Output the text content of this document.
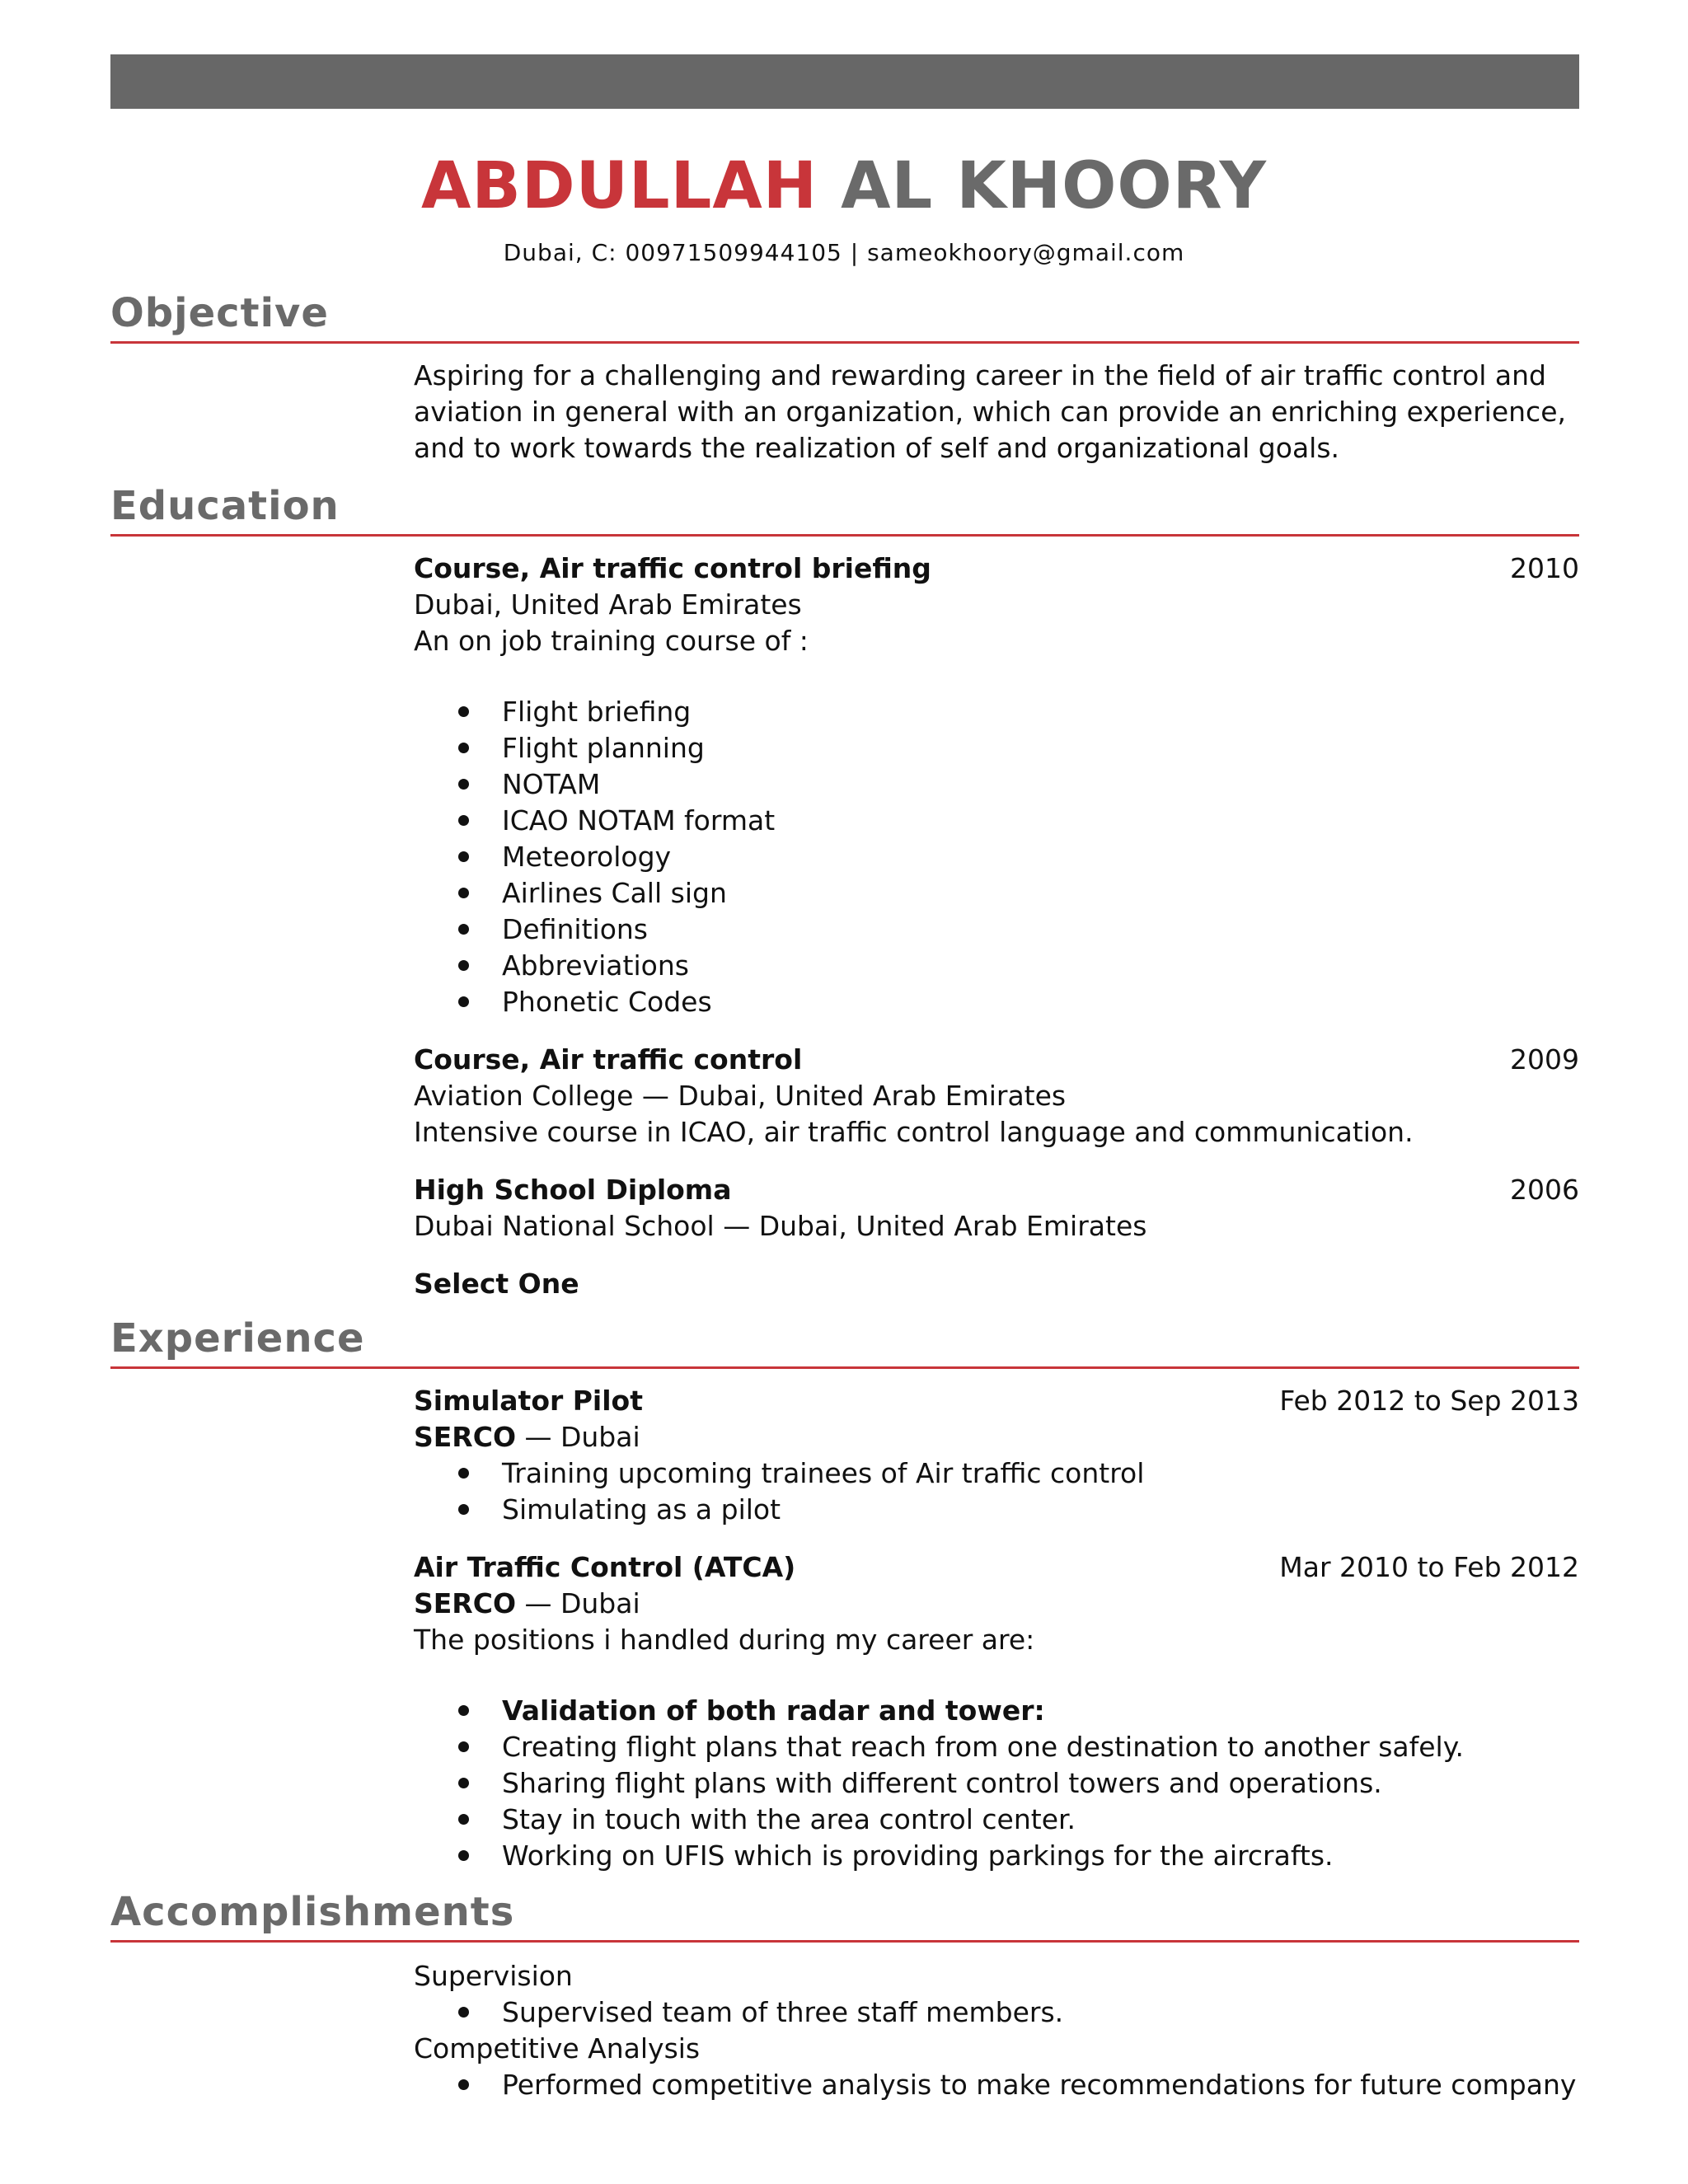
ABDULLAH AL KHOORY
Dubai, C: 00971509944105 | sameokhoory@gmail.com
Objective
Aspiring for a challenging and rewarding career in the field of air traffic control and aviation in general with an organization, which can provide an enriching experience, and to work towards the realization of self and organizational goals.
Education
Course, Air traffic control briefing	2010
Dubai, United Arab Emirates
An on job training course of :
Flight briefing
Flight planning
NOTAM
ICAO NOTAM format
Meteorology
Airlines Call sign
Definitions
Abbreviations
Phonetic Codes
Course, Air traffic control	2009
Aviation College — Dubai, United Arab Emirates
Intensive course in ICAO, air traffic control language and communication.
High School Diploma	2006
Dubai National School — Dubai, United Arab Emirates
Select One
Experience
Simulator Pilot	Feb 2012 to Sep 2013
SERCO — Dubai
Training upcoming trainees of Air traffic control
Simulating as a pilot
Air Traffic Control (ATCA)	Mar 2010 to Feb 2012
SERCO — Dubai
The positions i handled during my career are:
Validation of both radar and tower:
Creating flight plans that reach from one destination to another safely.
Sharing flight plans with different control towers and operations.
Stay in touch with the area control center.
Working on UFIS which is providing parkings for the aircrafts.
Accomplishments
Supervision
Supervised team of three staff members.
Competitive Analysis
Performed competitive analysis to make recommendations for future company
